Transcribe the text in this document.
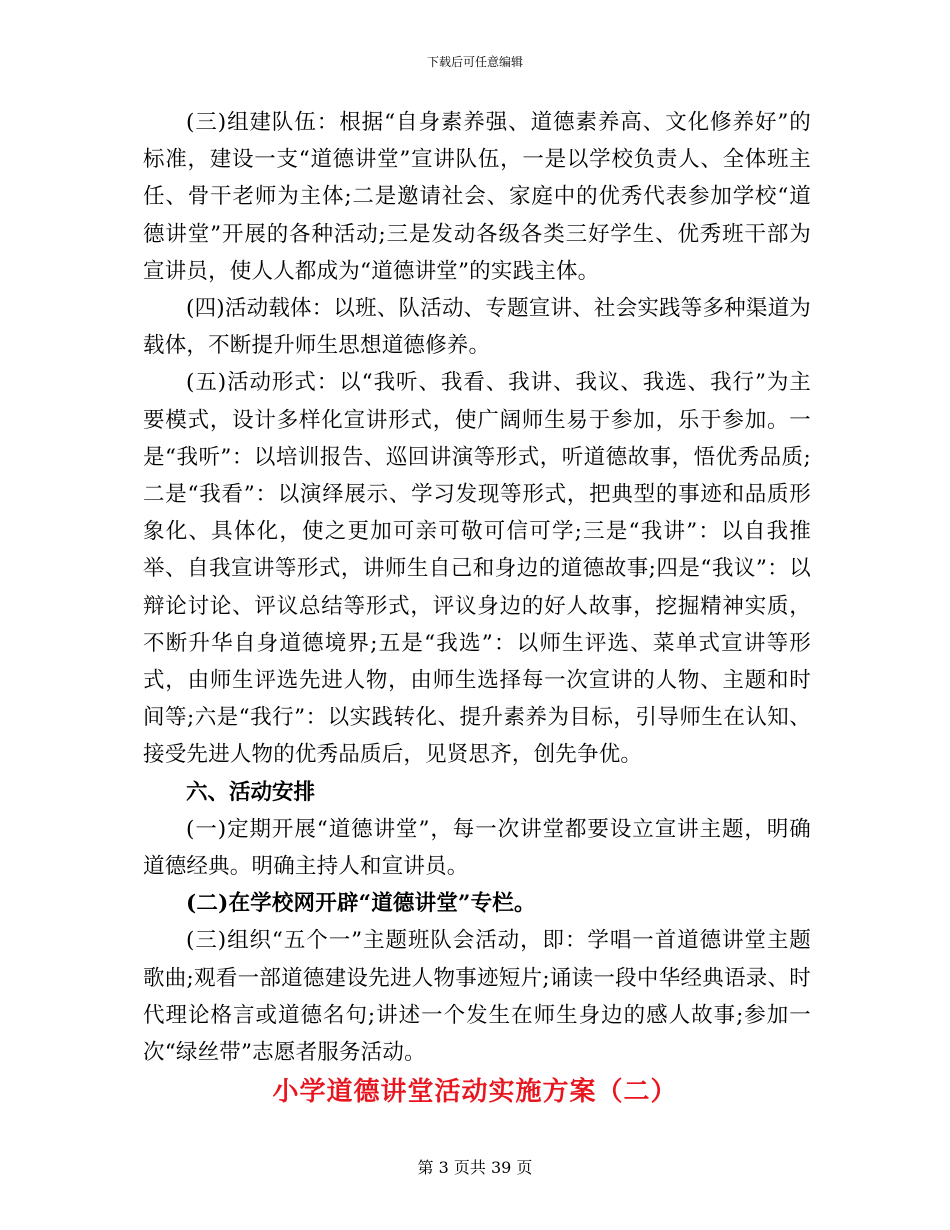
下载后可任意编辑

(三)组建队伍：根据“自身素养强、道德素养高、文化修养好”的标准，建设一支“道德讲堂”宣讲队伍，一是以学校负责人、全体班主任、骨干老师为主体;二是邀请社会、家庭中的优秀代表参加学校“道德讲堂”开展的各种活动;三是发动各级各类三好学生、优秀班干部为宣讲员，使人人都成为“道德讲堂”的实践主体。

(四)活动载体：以班、队活动、专题宣讲、社会实践等多种渠道为载体，不断提升师生思想道德修养。

(五)活动形式：以“我听、我看、我讲、我议、我选、我行”为主要模式，设计多样化宣讲形式，使广阔师生易于参加，乐于参加。一是“我听”：以培训报告、巡回讲演等形式，听道德故事，悟优秀品质;二是“我看”：以演绎展示、学习发现等形式，把典型的事迹和品质形象化、具体化，使之更加可亲可敬可信可学;三是“我讲”：以自我推举、自我宣讲等形式，讲师生自己和身边的道德故事;四是“我议”：以辩论讨论、评议总结等形式，评议身边的好人故事，挖掘精神实质，不断升华自身道德境界;五是“我选”：以师生评选、菜单式宣讲等形式，由师生评选先进人物，由师生选择每一次宣讲的人物、主题和时间等;六是“我行”：以实践转化、提升素养为目标，引导师生在认知、接受先进人物的优秀品质后，见贤思齐，创先争优。

六、活动安排

(一)定期开展“道德讲堂”，每一次讲堂都要设立宣讲主题，明确道德经典。明确主持人和宣讲员。

(二)在学校网开辟“道德讲堂”专栏。

(三)组织“五个一”主题班队会活动，即：学唱一首道德讲堂主题歌曲;观看一部道德建设先进人物事迹短片;诵读一段中华经典语录、时代理论格言或道德名句;讲述一个发生在师生身边的感人故事;参加一次“绿丝带”志愿者服务活动。

小学道德讲堂活动实施方案（二）
第 3 页共 39 页
